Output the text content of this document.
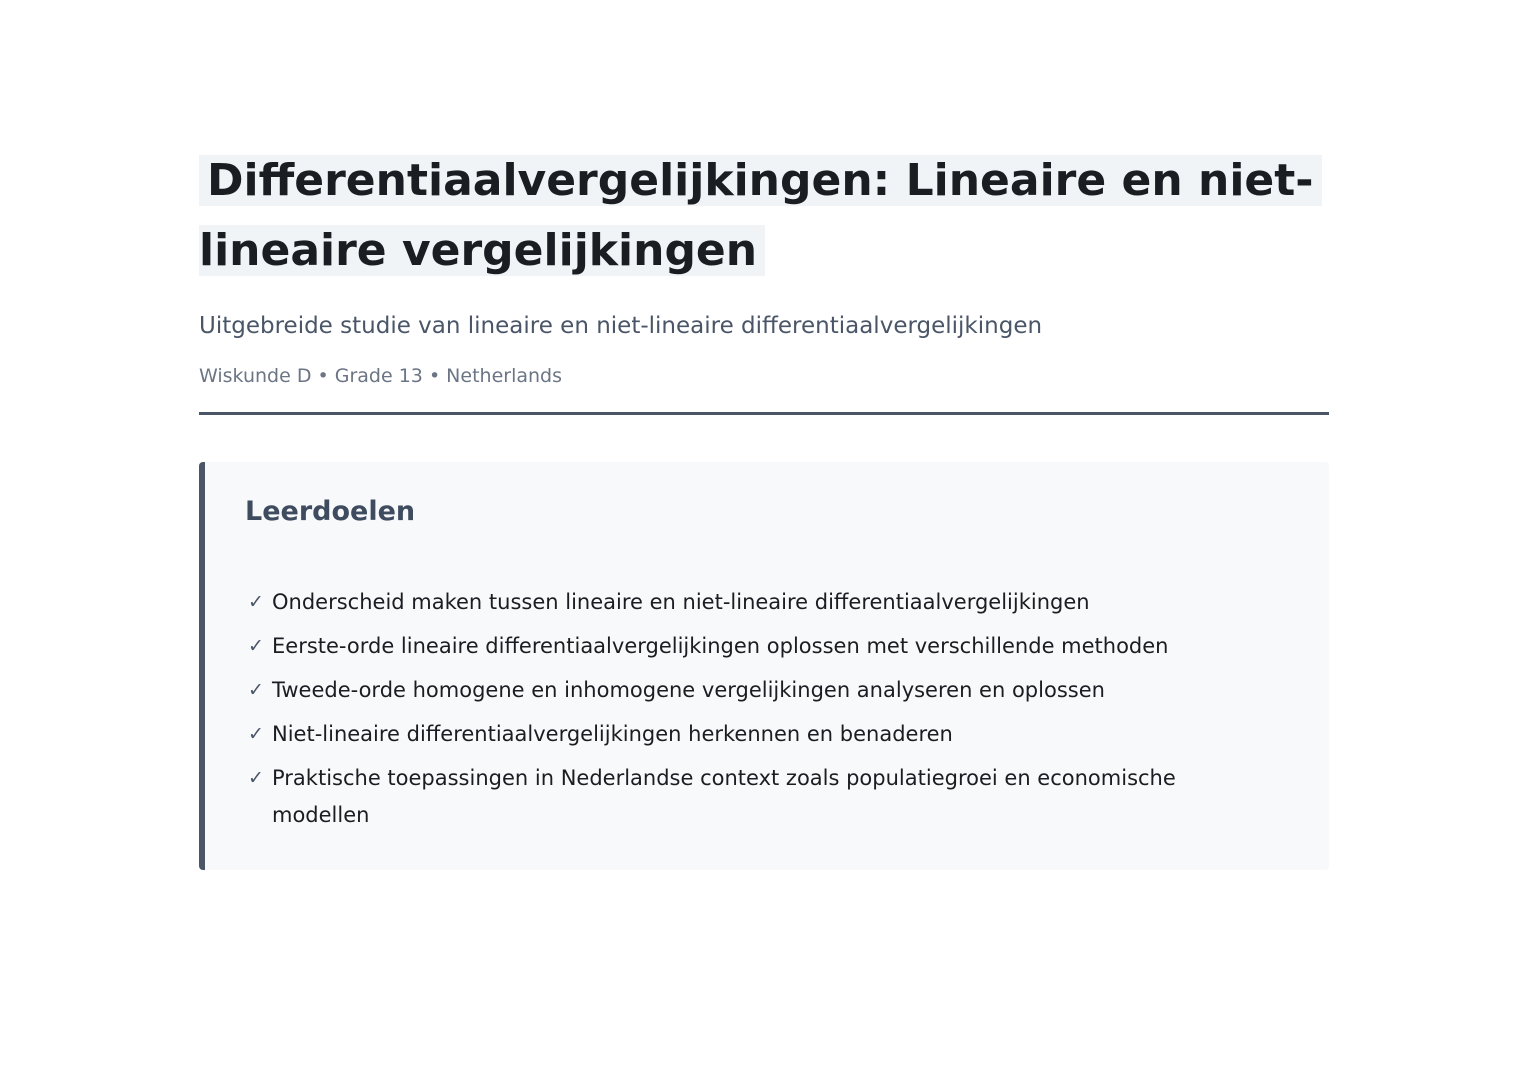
Differentiaalvergelijkingen: Lineaire en niet-
lineaire vergelijkingen

Uitgebreide studie van lineaire en niet-lineaire differentiaalvergelijkingen

Wiskunde D • Grade 13 • Netherlands

Leerdoelen
✓ Onderscheid maken tussen lineaire en niet-lineaire differentiaalvergelijkingen
✓ Eerste-orde lineaire differentiaalvergelijkingen oplossen met verschillende methoden
✓ Tweede-orde homogene en inhomogene vergelijkingen analyseren en oplossen
✓ Niet-lineaire differentiaalvergelijkingen herkennen en benaderen
✓ Praktische toepassingen in Nederlandse context zoals populatiegroei en economische modellen
